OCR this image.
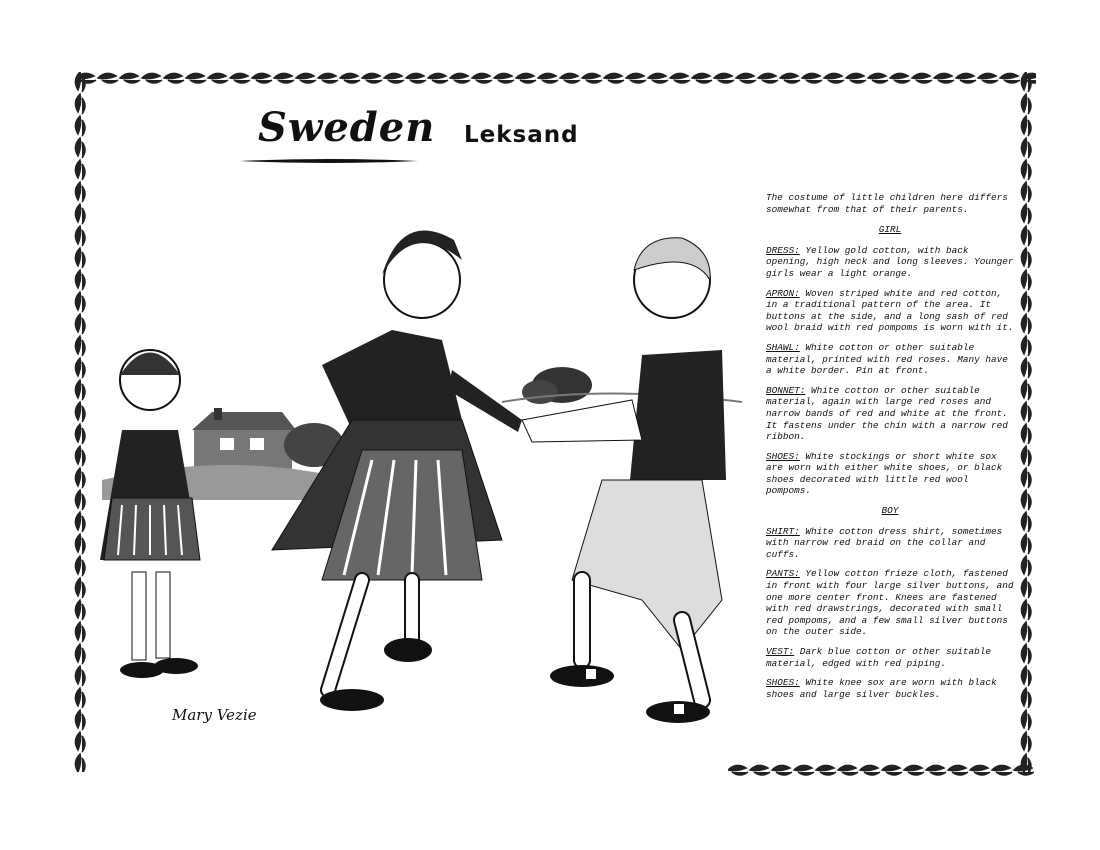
Sweden Leksand
Mary Vezie

The costume of little children here differs somewhat from that of their parents.

GIRL

DRESS: Yellow gold cotton, with back opening, high neck and long sleeves. Younger girls wear a light orange.

APRON: Woven striped white and red cotton, in a traditional pattern of the area. It buttons at the side, and a long sash of red wool braid with red pompoms is worn with it.

SHAWL: White cotton or other suitable material, printed with red roses. Many have a white border. Pin at front.

BONNET: White cotton or other suitable material, again with large red roses and narrow bands of red and white at the front. It fastens under the chin with a narrow red ribbon.

SHOES: White stockings or short white sox are worn with either white shoes, or black shoes decorated with little red wool pompoms.

BOY

SHIRT: White cotton dress shirt, sometimes with narrow red braid on the collar and cuffs.

PANTS: Yellow cotton frieze cloth, fastened in front with four large silver buttons, and one more center front. Knees are fastened with red drawstrings, decorated with small red pompoms, and a few small silver buttons on the outer side.

VEST: Dark blue cotton or other suitable material, edged with red piping.

SHOES: White knee sox are worn with black shoes and large silver buckles.
